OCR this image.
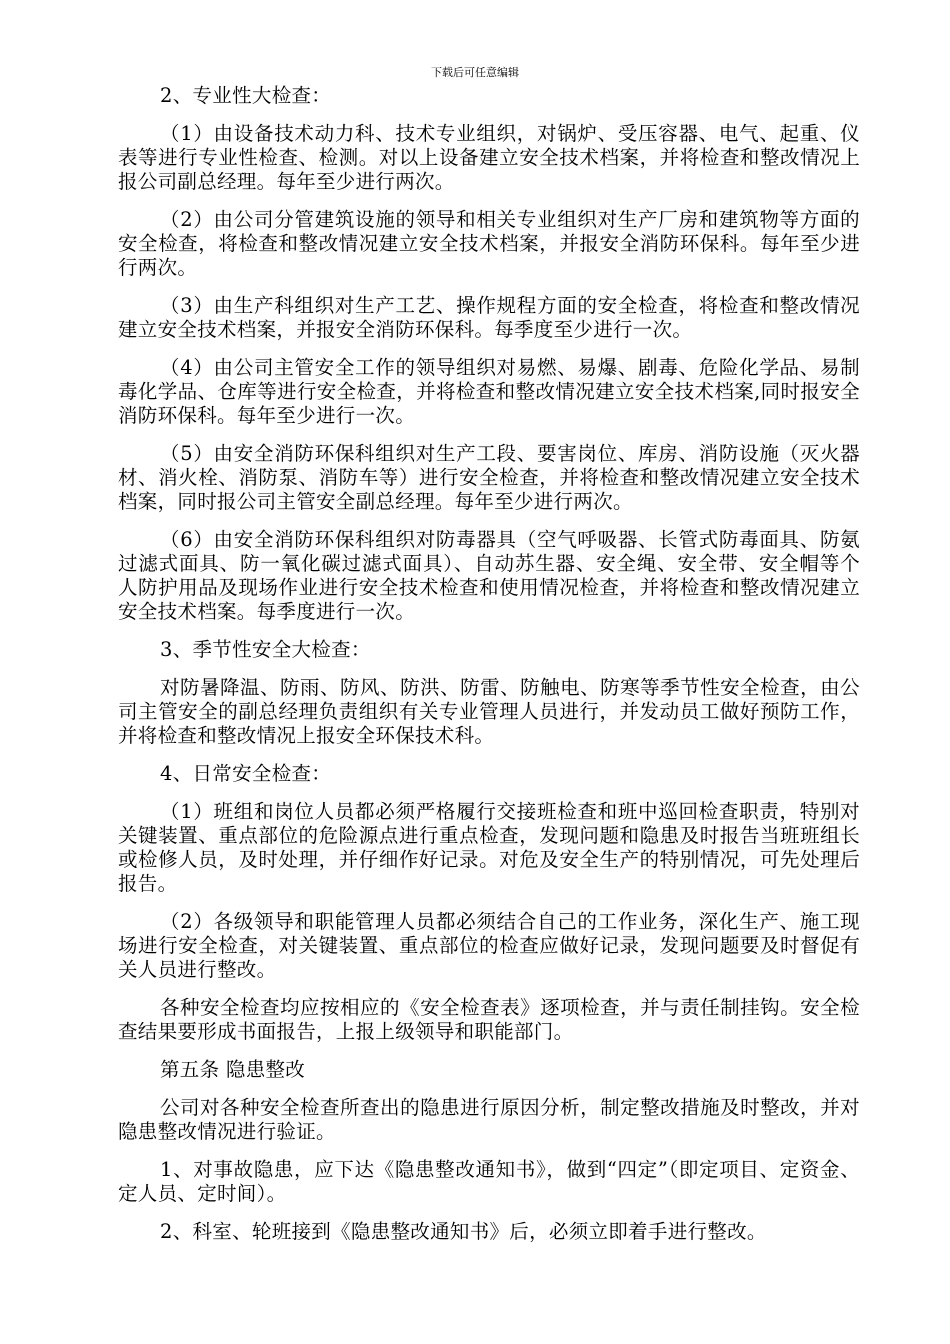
下载后可任意编辑

2、专业性大检查：

（1）由设备技术动力科、技术专业组织，对锅炉、受压容器、电气、起重、仪表等进行专业性检查、检测。对以上设备建立安全技术档案，并将检查和整改情况上报公司副总经理。每年至少进行两次。

（2）由公司分管建筑设施的领导和相关专业组织对生产厂房和建筑物等方面的安全检查，将检查和整改情况建立安全技术档案，并报安全消防环保科。每年至少进行两次。

（3）由生产科组织对生产工艺、操作规程方面的安全检查，将检查和整改情况建立安全技术档案，并报安全消防环保科。每季度至少进行一次。

（4）由公司主管安全工作的领导组织对易燃、易爆、剧毒、危险化学品、易制毒化学品、仓库等进行安全检查，并将检查和整改情况建立安全技术档案,同时报安全消防环保科。每年至少进行一次。

（5）由安全消防环保科组织对生产工段、要害岗位、库房、消防设施（灭火器材、消火栓、消防泵、消防车等）进行安全检查，并将检查和整改情况建立安全技术档案，同时报公司主管安全副总经理。每年至少进行两次。

（6）由安全消防环保科组织对防毒器具（空气呼吸器、长管式防毒面具、防氨过滤式面具、防一氧化碳过滤式面具）、自动苏生器、安全绳、安全带、安全帽等个人防护用品及现场作业进行安全技术检查和使用情况检查，并将检查和整改情况建立安全技术档案。每季度进行一次。

3、季节性安全大检查：

对防暑降温、防雨、防风、防洪、防雷、防触电、防寒等季节性安全检查，由公司主管安全的副总经理负责组织有关专业管理人员进行，并发动员工做好预防工作，并将检查和整改情况上报安全环保技术科。

4、日常安全检查：

（1）班组和岗位人员都必须严格履行交接班检查和班中巡回检查职责，特别对关键装置、重点部位的危险源点进行重点检查，发现问题和隐患及时报告当班班组长或检修人员，及时处理，并仔细作好记录。对危及安全生产的特别情况，可先处理后报告。

（2）各级领导和职能管理人员都必须结合自己的工作业务，深化生产、施工现场进行安全检查，对关键装置、重点部位的检查应做好记录，发现问题要及时督促有关人员进行整改。

各种安全检查均应按相应的《安全检查表》逐项检查，并与责任制挂钩。安全检查结果要形成书面报告，上报上级领导和职能部门。

第五条 隐患整改

公司对各种安全检查所查出的隐患进行原因分析，制定整改措施及时整改，并对隐患整改情况进行验证。

1、对事故隐患，应下达《隐患整改通知书》，做到“四定”（即定项目、定资金、定人员、定时间）。

2、科室、轮班接到《隐患整改通知书》后，必须立即着手进行整改。
